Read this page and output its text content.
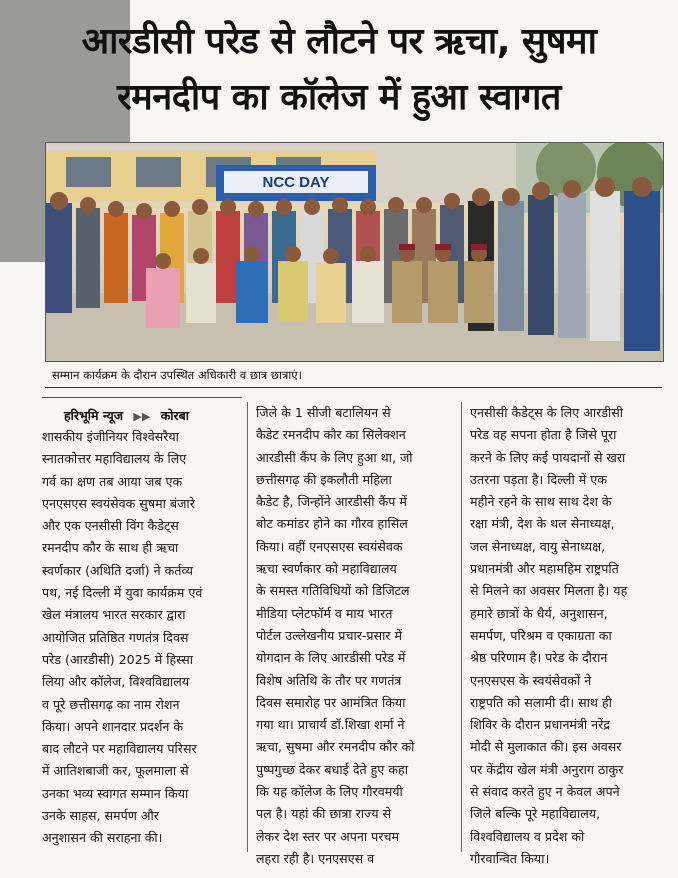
आरडीसी परेड से लौटने पर ऋचा, सुषमा
रमनदीप का कॉलेज में हुआ स्वागत
NCC DAY
सम्मान कार्यक्रम के दौरान उपस्थित अधिकारी व छात्र छात्राएं।
हरिभूमि न्यूज ▶▶ कोरबा
शासकीय इंजीनियर विश्वेसरैया
स्नातकोत्तर महाविद्यालय के लिए
गर्व का क्षण तब आया जब एक
एनएसएस स्वयंसेवक सुषमा बंजारे
और एक एनसीसी विंग कैडेट्स
रमनदीप कौर के साथ ही ऋचा
स्वर्णकार (अथिति दर्जा) ने कर्तव्य
पथ, नई दिल्ली में युवा कार्यक्रम एवं
खेल मंत्रालय भारत सरकार द्वारा
आयोजित प्रतिष्ठित गणतंत्र दिवस
परेड (आरडीसी) 2025 में हिस्सा
लिया और कॉलेज, विश्वविद्यालय
व पूरे छत्तीसगढ़ का नाम रोशन
किया। अपने शानदार प्रदर्शन के
बाद लौटने पर महाविद्यालय परिसर
में आतिशबाजी कर, फूलमाला से
उनका भव्य स्वागत सम्मान किया
उनके साहस, समर्पण और
अनुशासन की सराहना की।
जिले के 1 सीजी बटालियन से
कैडेट रमनदीप कौर का सिलेक्शन
आरडीसी कैंप के लिए हुआ था, जो
छत्तीसगढ़ की इकलौती महिला
कैडेट है, जिन्होंने आरडीसी कैंप में
बोट कमांडर होने का गौरव हासिल
किया। वहीं एनएसएस स्वयंसेवक
ऋचा स्वर्णकार को महाविद्यालय
के समस्त गतिविधियों को डिजिटल
मीडिया प्लेटफॉर्म व माय भारत
पोर्टल उल्लेखनीय प्रचार-प्रसार में
योगदान के लिए आरडीसी परेड में
विशेष अतिथि के तौर पर गणतंत्र
दिवस समारोह पर आमंत्रित किया
गया था। प्राचार्य डॉ.शिखा शर्मा ने
ऋचा, सुषमा और रमनदीप कौर को
पुष्पगुच्छ देकर बधाई देते हुए कहा
कि यह कॉलेज के लिए गौरवमयी
पल है। यहां की छात्रा राज्य से
लेकर देश स्तर पर अपना परचम
लहरा रही है। एनएसएस व
एनसीसी कैडेट्स के लिए आरडीसी
परेड वह सपना होता है जिसे पूरा
करने के लिए कई पायदानों से खरा
उतरना पड़ता है। दिल्ली में एक
महीने रहने के साथ साथ देश के
रक्षा मंत्री, देश के थल सेनाध्यक्ष,
जल सेनाध्यक्ष, वायु सेनाध्यक्ष,
प्रधानमंत्री और महामहिम राष्ट्रपति
से मिलने का अवसर मिलता है। यह
हमारे छात्रों के धैर्य, अनुशासन,
समर्पण, परिश्रम व एकाग्रता का
श्रेष्ठ परिणाम है। परेड के दौरान
एनएसएस के स्वयंसेवकों ने
राष्ट्रपति को सलामी दी। साथ ही
शिविर के दौरान प्रधानमंत्री नरेंद्र
मोदी से मुलाकात की। इस अवसर
पर केंद्रीय खेल मंत्री अनुराग ठाकुर
से संवाद करते हुए न केवल अपने
जिले बल्कि पूरे महाविद्यालय,
विश्वविद्यालय व प्रदेश को
गौरवान्वित किया।
